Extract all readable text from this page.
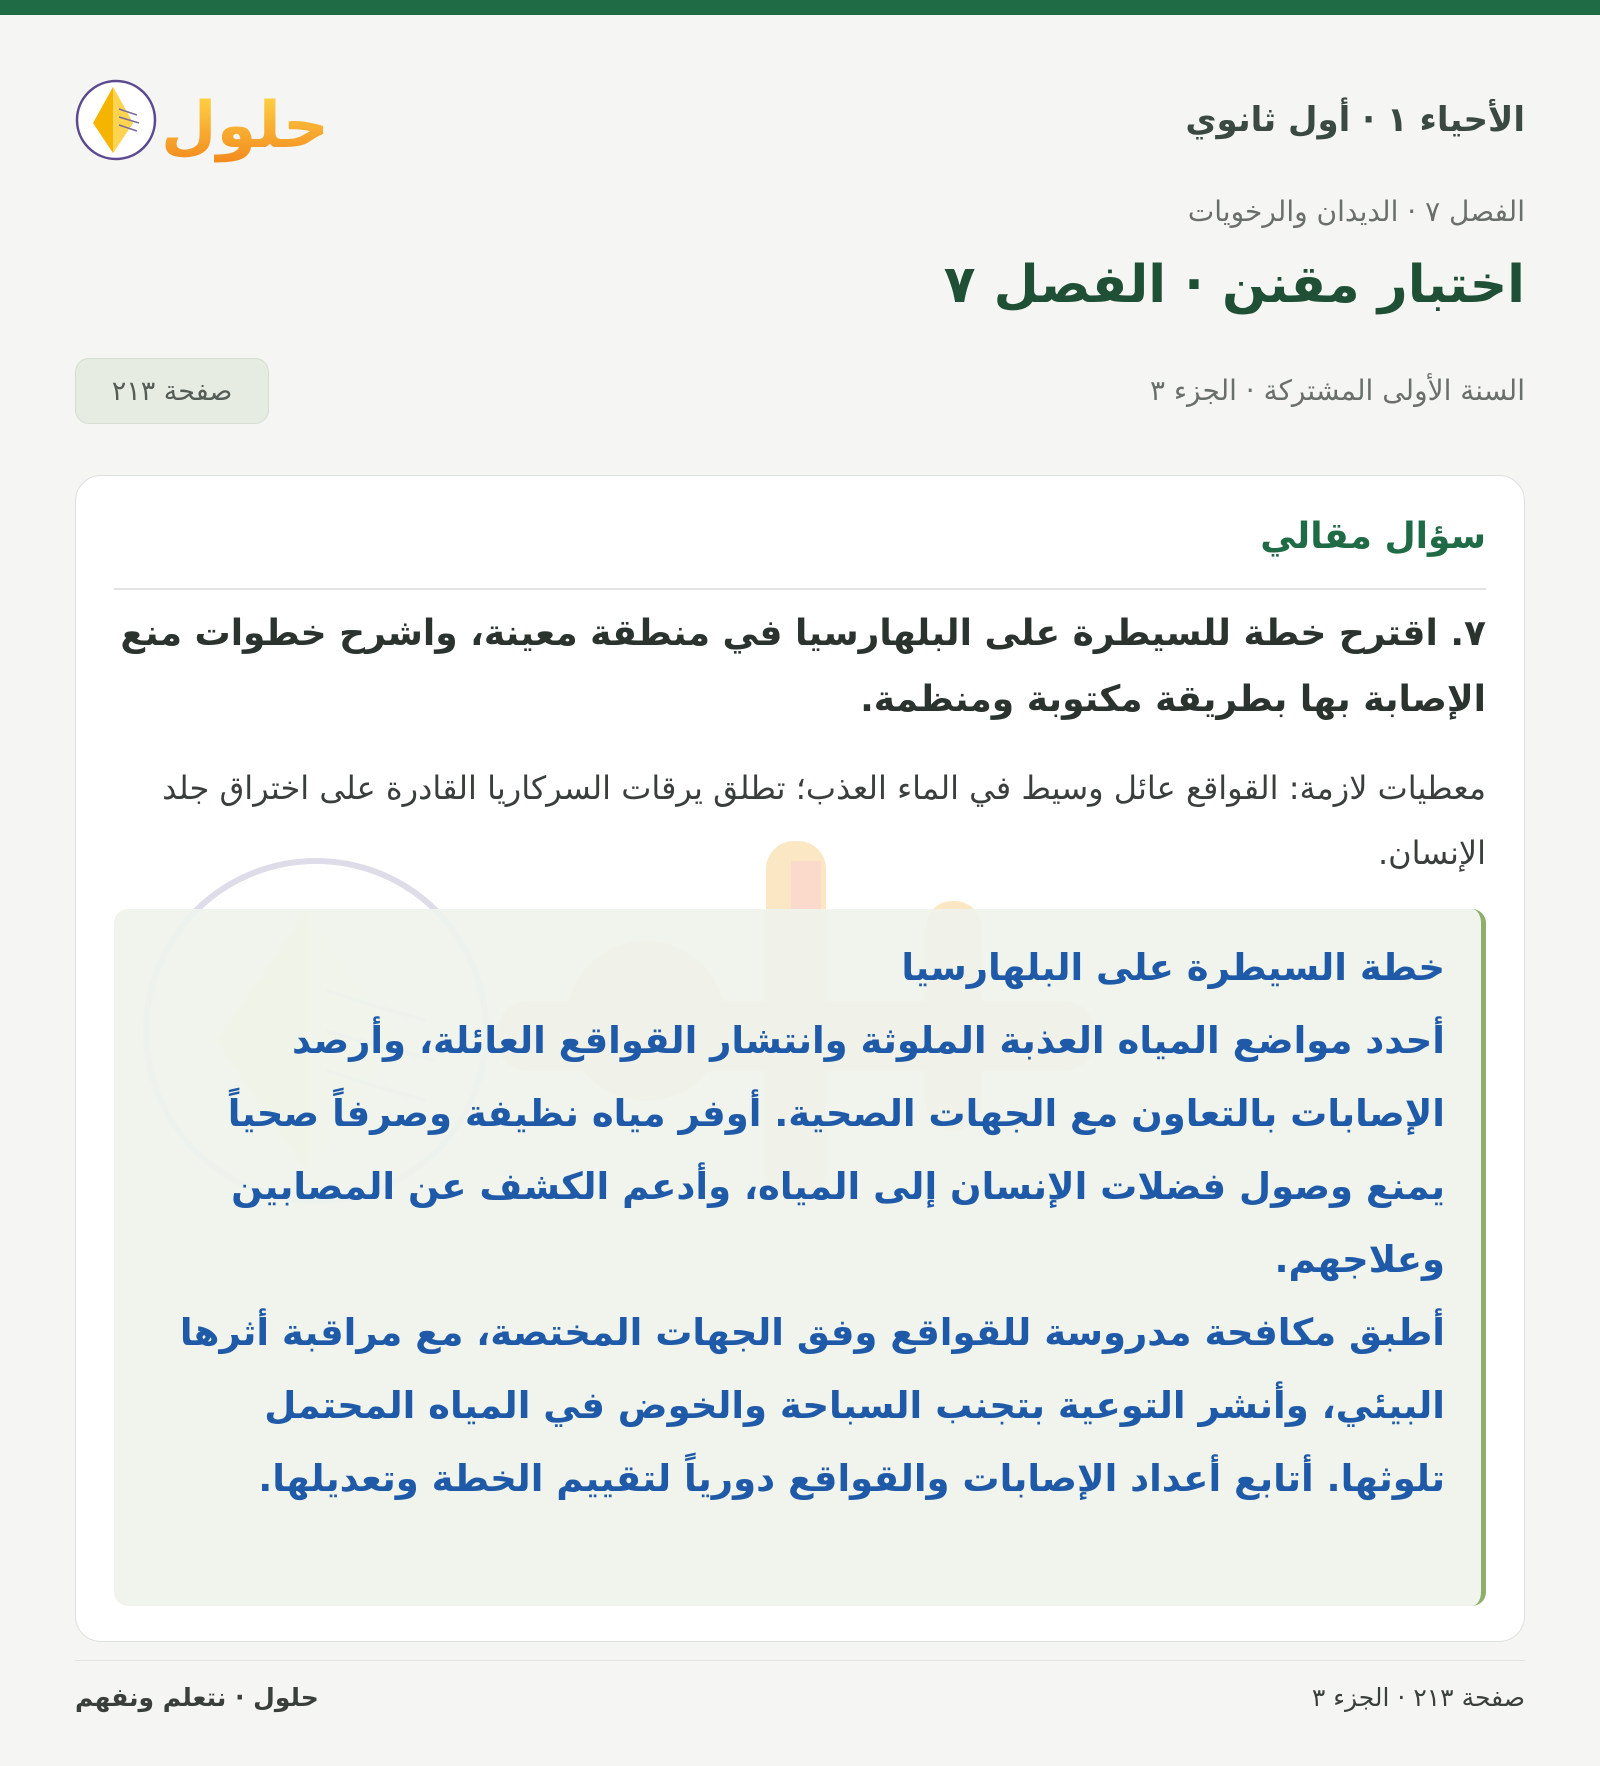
الأحياء ١ · أول ثانوي
حلول
الفصل ٧ · الديدان والرخويات
اختبار مقنن · الفصل ٧
السنة الأولى المشتركة · الجزء ٣
صفحة ٢١٣
سؤال مقالي
٧. اقترح خطة للسيطرة على البلهارسيا في منطقة معينة، واشرح خطوات منع الإصابة بها بطريقة مكتوبة ومنظمة.
معطيات لازمة: القواقع عائل وسيط في الماء العذب؛ تطلق يرقات السركاريا القادرة على اختراق جلد الإنسان.

خطة السيطرة على البلهارسيا

أحدد مواضع المياه العذبة الملوثة وانتشار القواقع العائلة، وأرصد الإصابات بالتعاون مع الجهات الصحية. أوفر مياه نظيفة وصرفاً صحياً يمنع وصول فضلات الإنسان إلى المياه، وأدعم الكشف عن المصابين وعلاجهم.

أطبق مكافحة مدروسة للقواقع وفق الجهات المختصة، مع مراقبة أثرها البيئي، وأنشر التوعية بتجنب السباحة والخوض في المياه المحتمل تلوثها. أتابع أعداد الإصابات والقواقع دورياً لتقييم الخطة وتعديلها.

صفحة ٢١٣ · الجزء ٣
حلول · نتعلم ونفهم
